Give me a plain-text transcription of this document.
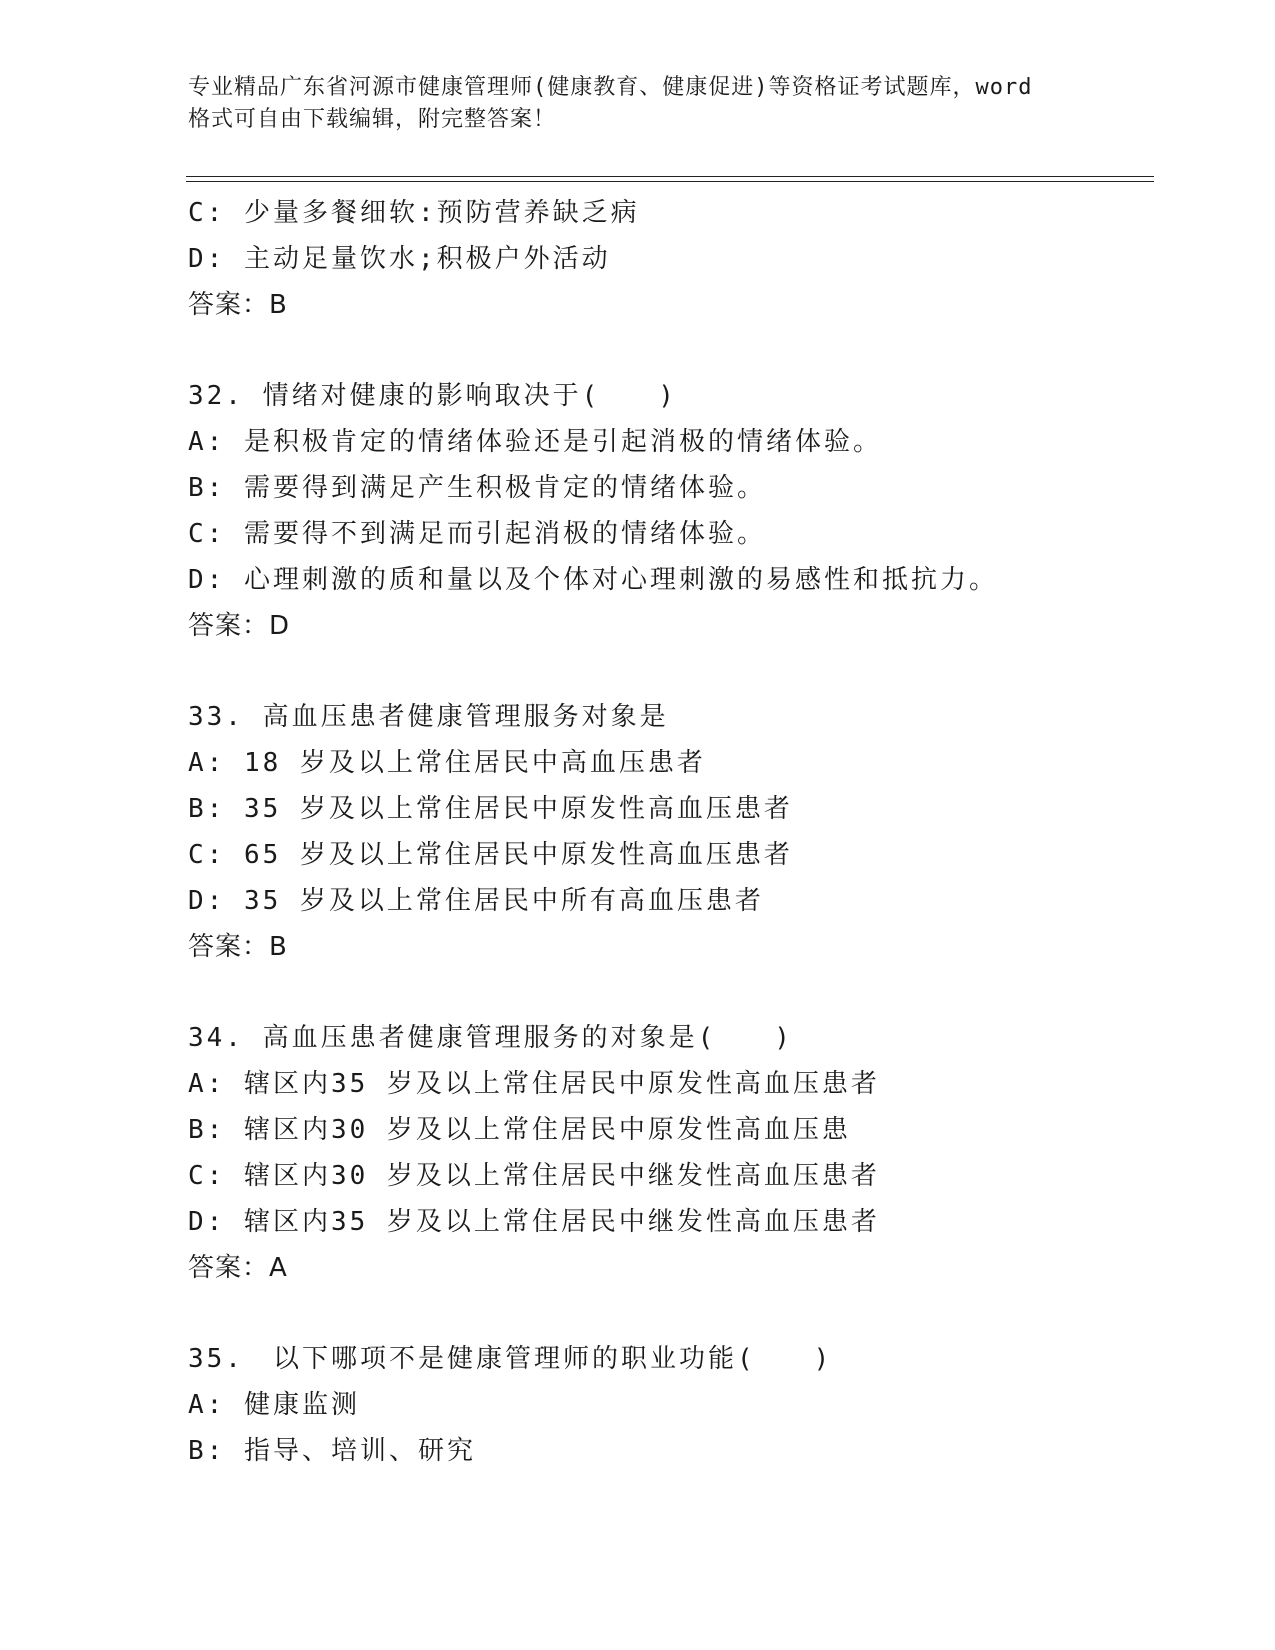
专业精品广东省河源市健康管理师(健康教育、健康促进)等资格证考试题库，word
格式可自由下载编辑，附完整答案！
C: 少量多餐细软:预防营养缺乏病
D: 主动足量饮水;积极户外活动
答案：B
32. 情绪对健康的影响取决于(　　)
A: 是积极肯定的情绪体验还是引起消极的情绪体验。
B: 需要得到满足产生积极肯定的情绪体验。
C: 需要得不到满足而引起消极的情绪体验。
D: 心理刺激的质和量以及个体对心理刺激的易感性和抵抗力。
答案：D
33. 高血压患者健康管理服务对象是
A: 18 岁及以上常住居民中高血压患者
B: 35 岁及以上常住居民中原发性高血压患者
C: 65 岁及以上常住居民中原发性高血压患者
D: 35 岁及以上常住居民中所有高血压患者
答案：B
34. 高血压患者健康管理服务的对象是(　　)
A: 辖区内35 岁及以上常住居民中原发性高血压患者
B: 辖区内30 岁及以上常住居民中原发性高血压患
C: 辖区内30 岁及以上常住居民中继发性高血压患者
D: 辖区内35 岁及以上常住居民中继发性高血压患者
答案：A
35.　以下哪项不是健康管理师的职业功能(　　)
A: 健康监测
B: 指导、培训、研究
